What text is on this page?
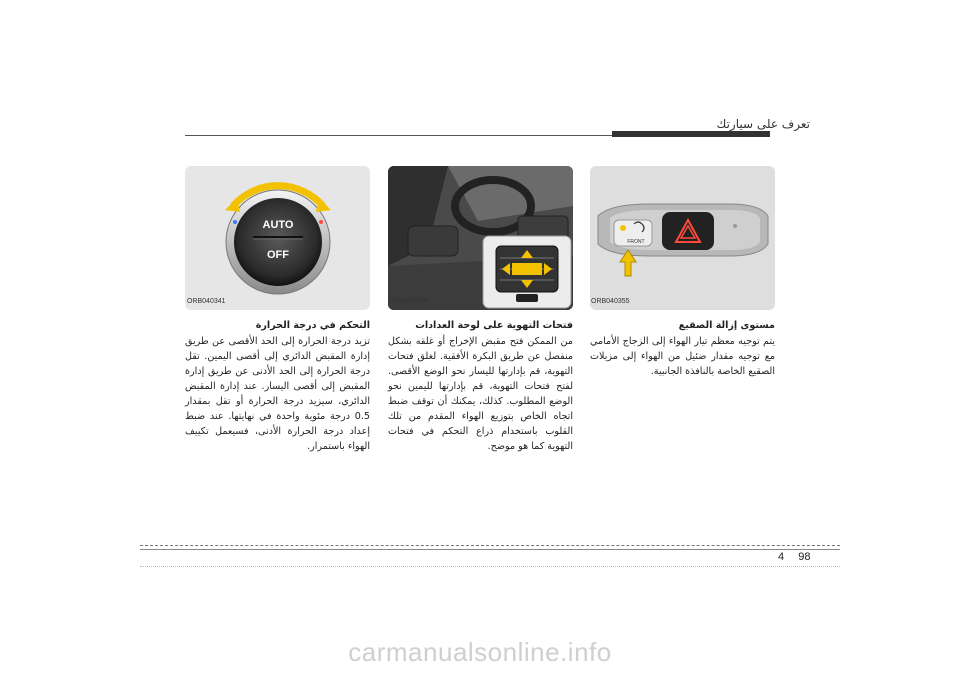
تعرف على سيارتك
AUTO
OFF
ORB040341	ORB040068
FRONT
ORB040355
مستوى إزالة الصقيع

يتم توجيه معظم تيار الهواء إلى الزجاج الأمامي مع توجيه مقدار ضئيل من الهواء إلى مزيلات الصقيع الخاصة بالنافذة الجانبية.

فتحات التهوية على لوحة العدادات

من الممكن فتح مقبض الإخراج أو غلقه بشكل منفصل عن طريق البكرة الأفقية. لغلق فتحات التهوية، قم بإدارتها لليسار نحو الوضع الأقصى. لفتح فتحات التهوية، قم بإدارتها لليمين نحو الوضع المطلوب. كذلك، يمكنك أن توقف ضبط اتجاه الخاص بتوزيع الهواء المقدم من تلك القلوب باستخدام ذراع التحكم في فتحات التهوية كما هو موضح.

التحكم في درجة الحرارة

تزيد درجة الحرارة إلى الحد الأقصى عن طريق إدارة المقبض الدائري إلى أقصى اليمين. تقل درجة الحرارة إلى الحد الأدنى عن طريق إدارة المقبض إلى أقصى اليسار. عند إدارة المقبض الدائري، سيزيد درجة الحرارة أو تقل بمقدار 0.5 درجة مئوية واحدة في نهايتها. عند ضبط إعداد درجة الحرارة الأدنى، فسيعمل تكييف الهواء باستمرار.

4 98
carmanualsonline.info
